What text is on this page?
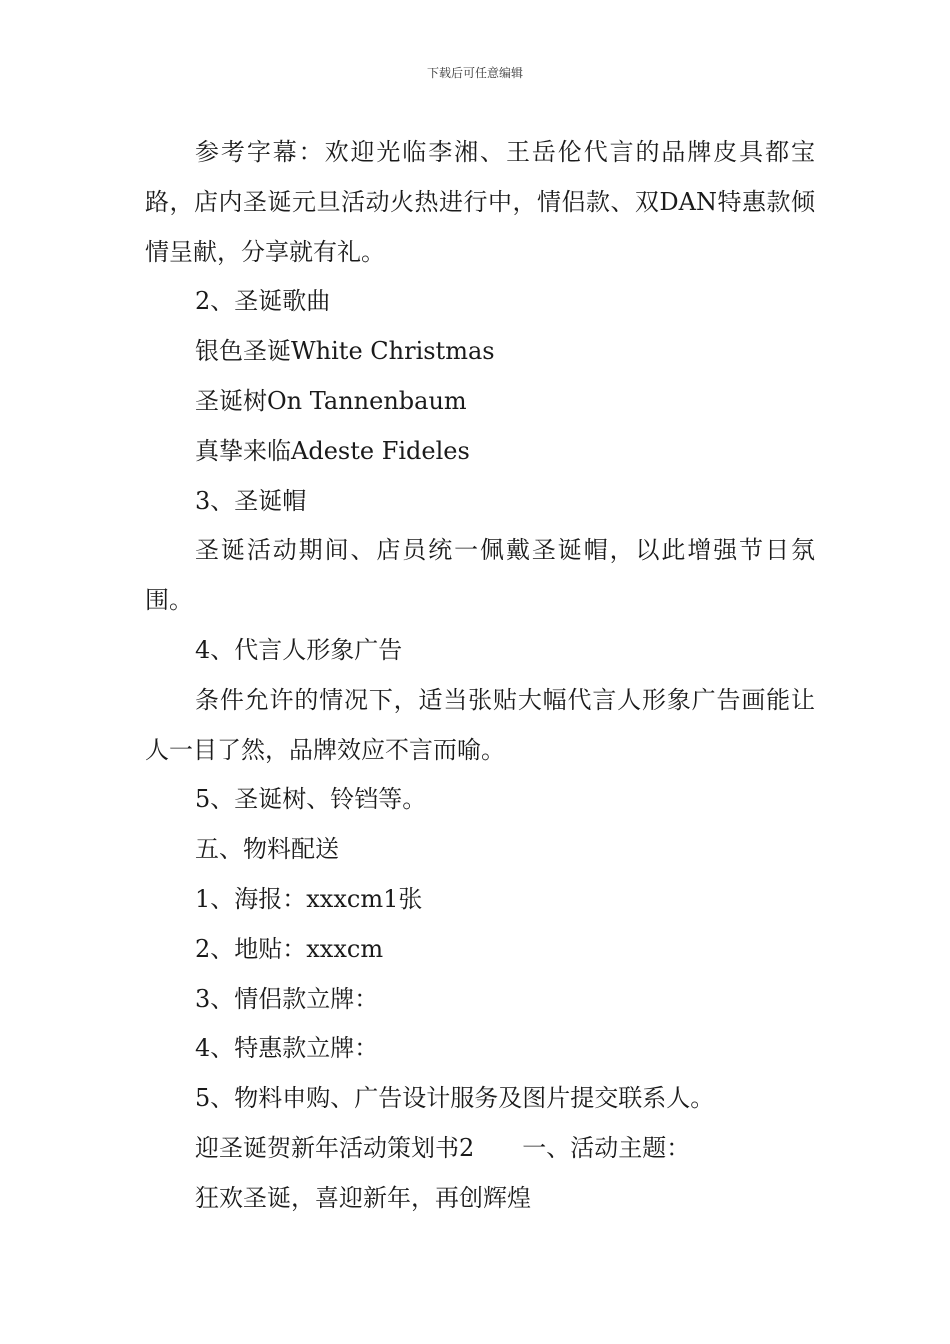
下载后可任意编辑

参考字幕：欢迎光临李湘、王岳伦代言的品牌皮具都宝路，店内圣诞元旦活动火热进行中，情侣款、双DAN特惠款倾情呈献，分享就有礼。

2、圣诞歌曲

银色圣诞White Christmas

圣诞树On Tannenbaum

真挚来临Adeste Fideles

3、圣诞帽

圣诞活动期间、店员统一佩戴圣诞帽，以此增强节日氛围。

4、代言人形象广告

条件允许的情况下，适当张贴大幅代言人形象广告画能让人一目了然，品牌效应不言而喻。

5、圣诞树、铃铛等。

五、物料配送

1、海报：xxxcm1张

2、地贴：xxxcm

3、情侣款立牌：

4、特惠款立牌：

5、物料申购、广告设计服务及图片提交联系人。

迎圣诞贺新年活动策划书2　　一、活动主题：

狂欢圣诞，喜迎新年，再创辉煌
